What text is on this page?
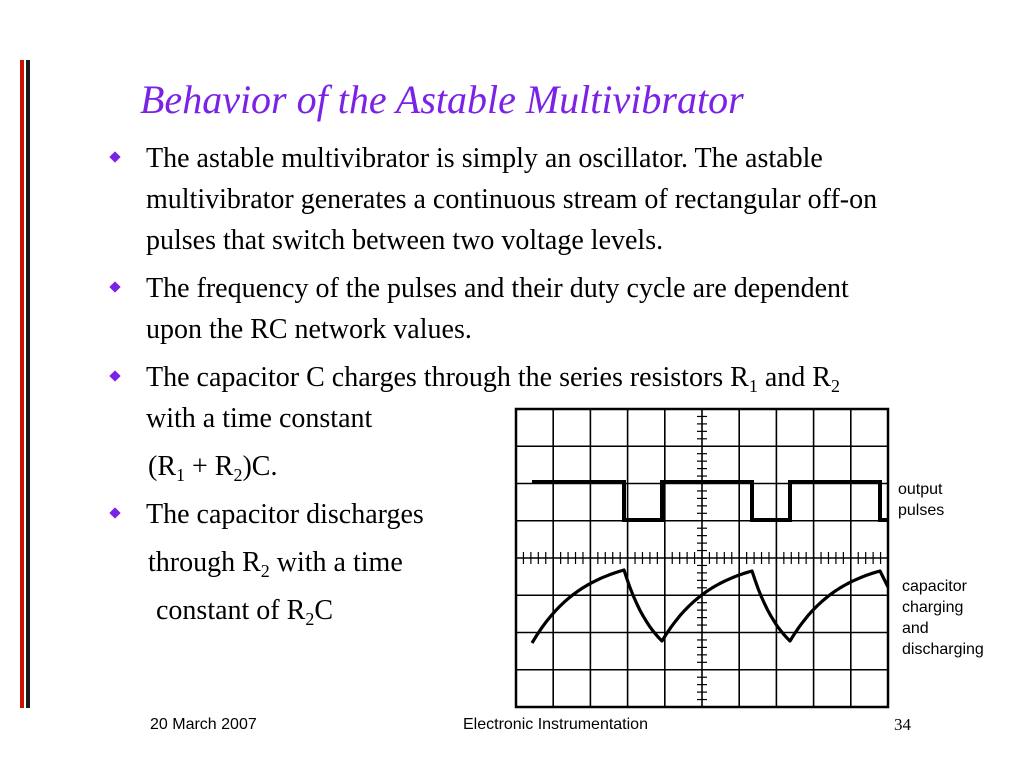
Behavior of the Astable Multivibrator
The astable multivibrator is simply an oscillator. The astable
multivibrator generates a continuous stream of rectangular off-on
pulses that switch between two voltage levels.
The frequency of the pulses and their duty cycle are dependent
upon the RC network values.
The capacitor C charges through the series resistors $R_1$ and $R_2$
with a time constant
$(R_1 + R_2)C$.
The capacitor discharges
through $R_2$ with a time
constant of $R_2C$
output
pulses
capacitor
charging and
discharging
20 March 2007	Electronic Instrumentation	34
